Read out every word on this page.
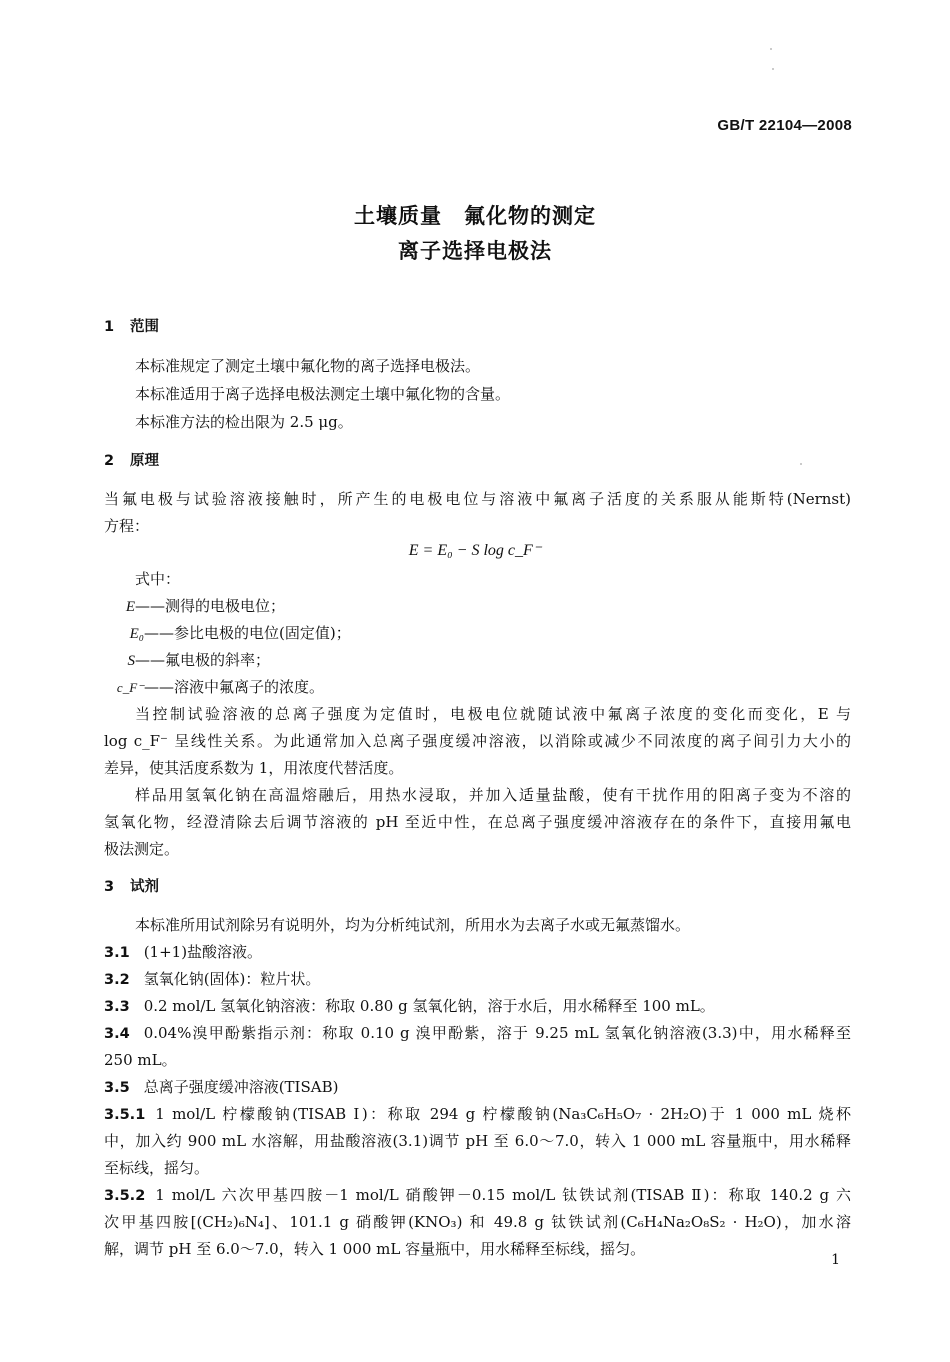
GB/T 22104—2008
土壤质量　氟化物的测定
离子选择电极法
1 范围
本标准规定了测定土壤中氟化物的离子选择电极法。
本标准适用于离子选择电极法测定土壤中氟化物的含量。
本标准方法的检出限为 2.5 μg。
2 原理
当氟电极与试验溶液接触时，所产生的电极电位与溶液中氟离子活度的关系服从能斯特(Nernst)
方程：
E = E₀ − S log c_F⁻
式中：
E——测得的电极电位；
E₀——参比电极的电位(固定值)；
S——氟电极的斜率；
c_F⁻——溶液中氟离子的浓度。
当控制试验溶液的总离子强度为定值时，电极电位就随试液中氟离子浓度的变化而变化，E 与
log c_F⁻ 呈线性关系。为此通常加入总离子强度缓冲溶液，以消除或减少不同浓度的离子间引力大小的
差异，使其活度系数为 1，用浓度代替活度。
样品用氢氧化钠在高温熔融后，用热水浸取，并加入适量盐酸，使有干扰作用的阳离子变为不溶的
氢氧化物，经澄清除去后调节溶液的 pH 至近中性，在总离子强度缓冲溶液存在的条件下，直接用氟电
极法测定。
3 试剂
本标准所用试剂除另有说明外，均为分析纯试剂，所用水为去离子水或无氟蒸馏水。
3.1 (1+1)盐酸溶液。
3.2 氢氧化钠(固体)：粒片状。
3.3 0.2 mol/L 氢氧化钠溶液：称取 0.80 g 氢氧化钠，溶于水后，用水稀释至 100 mL。
3.4 0.04%溴甲酚紫指示剂：称取 0.10 g 溴甲酚紫，溶于 9.25 mL 氢氧化钠溶液(3.3)中，用水稀释至
250 mL。
3.5 总离子强度缓冲溶液(TISAB)
3.5.1 1 mol/L 柠檬酸钠(TISAB Ⅰ)：称取 294 g 柠檬酸钠(Na₃C₆H₅O₇ · 2H₂O)于 1 000 mL 烧杯
中，加入约 900 mL 水溶解，用盐酸溶液(3.1)调节 pH 至 6.0～7.0，转入 1 000 mL 容量瓶中，用水稀释
至标线，摇匀。
3.5.2 1 mol/L 六次甲基四胺－1 mol/L 硝酸钾－0.15 mol/L 钛铁试剂(TISAB Ⅱ)：称取 140.2 g 六
次甲基四胺[(CH₂)₆N₄]、101.1 g 硝酸钾(KNO₃) 和 49.8 g 钛铁试剂(C₆H₄Na₂O₈S₂ · H₂O)，加水溶
解，调节 pH 至 6.0～7.0，转入 1 000 mL 容量瓶中，用水稀释至标线，摇匀。
1
